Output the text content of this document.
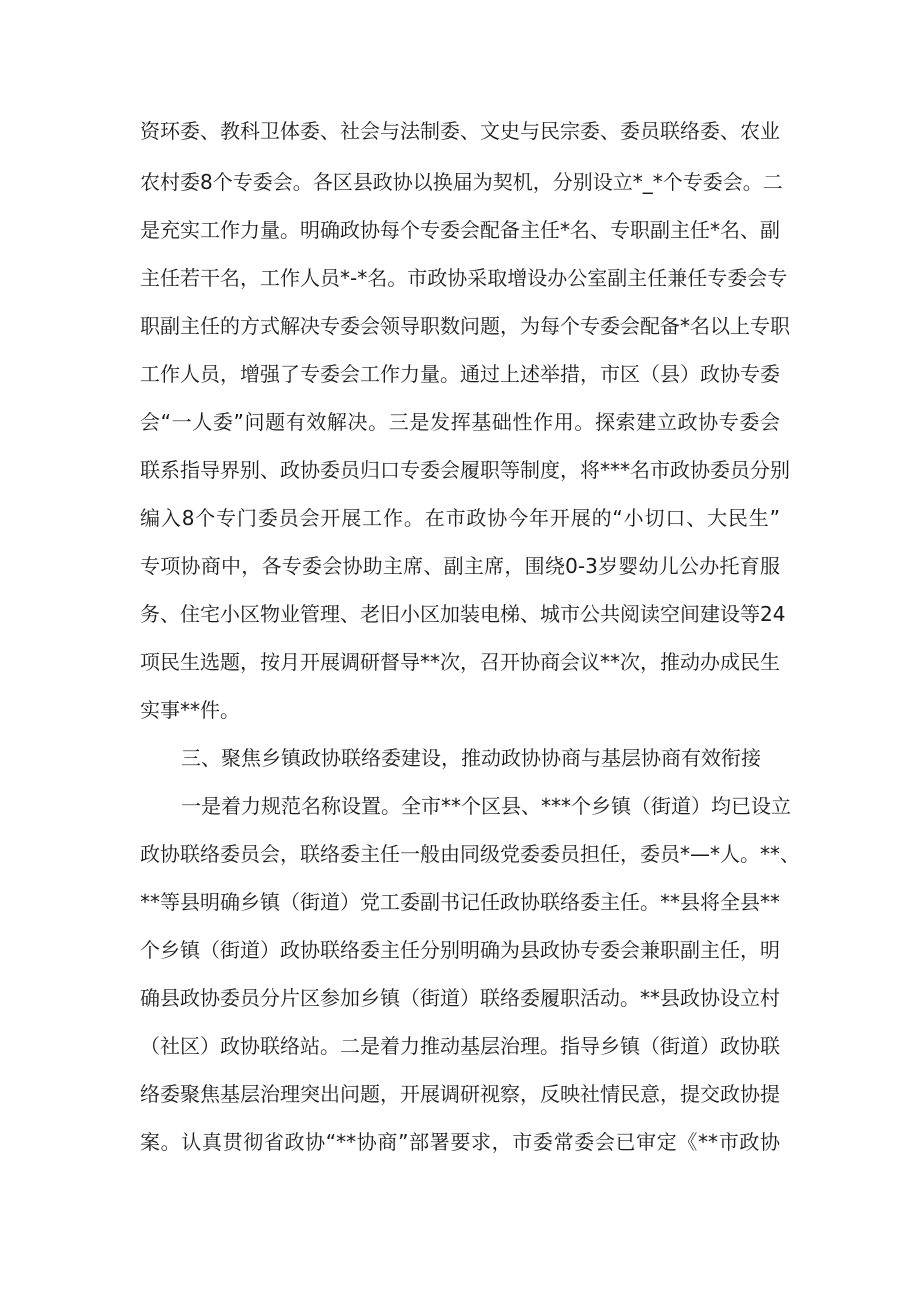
资环委、教科卫体委、社会与法制委、文史与民宗委、委员联络委、农业

农村委8个专委会。各区县政协以换届为契机，分别设立*_*个专委会。二

是充实工作力量。明确政协每个专委会配备主任*名、专职副主任*名、副

主任若干名，工作人员*-*名。市政协采取增设办公室副主任兼任专委会专

职副主任的方式解决专委会领导职数问题，为每个专委会配备*名以上专职

工作人员，增强了专委会工作力量。通过上述举措，市区（县）政协专委

会“一人委”问题有效解决。三是发挥基础性作用。探索建立政协专委会

联系指导界别、政协委员归口专委会履职等制度，将***名市政协委员分别

编入8个专门委员会开展工作。在市政协今年开展的“小切口、大民生”

专项协商中，各专委会协助主席、副主席，围绕0-3岁婴幼儿公办托育服

务、住宅小区物业管理、老旧小区加装电梯、城市公共阅读空间建设等24

项民生选题，按月开展调研督导**次，召开协商会议**次，推动办成民生

实事**件。

三、聚焦乡镇政协联络委建设，推动政协协商与基层协商有效衔接

一是着力规范名称设置。全市**个区县、***个乡镇（街道）均已设立

政协联络委员会，联络委主任一般由同级党委委员担任，委员*—*人。**、

**等县明确乡镇（街道）党工委副书记任政协联络委主任。**县将全县**

个乡镇（街道）政协联络委主任分别明确为县政协专委会兼职副主任，明

确县政协委员分片区参加乡镇（街道）联络委履职活动。**县政协设立村

（社区）政协联络站。二是着力推动基层治理。指导乡镇（街道）政协联

络委聚焦基层治理突出问题，开展调研视察，反映社情民意，提交政协提

案。认真贯彻省政协“**协商”部署要求，市委常委会已审定《**市政协
